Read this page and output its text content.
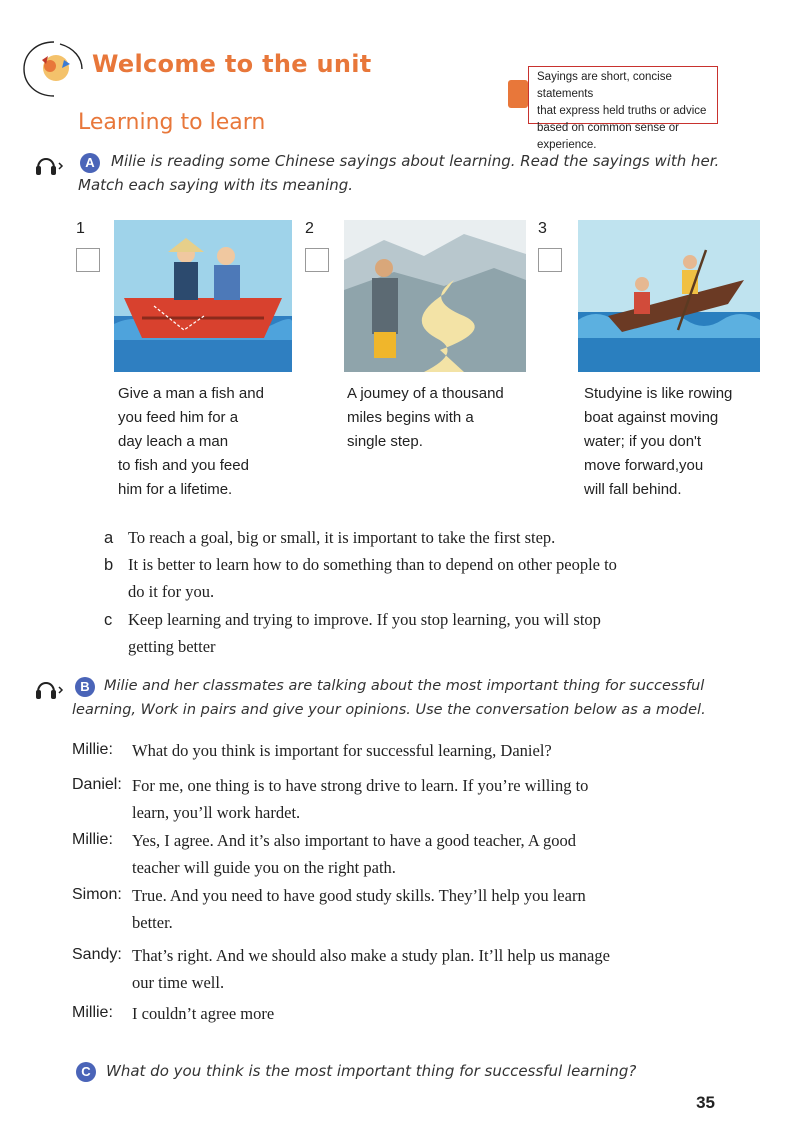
Welcome to the unit
Learning to learn
Sayings are short, concise statements
that express held truths or advice
based on common sense or experience.
A	Milie is reading some Chinese sayings about learning. Read the sayings with her.
Match each saying with its meaning.
1
Give a man a fish and
you feed him for a
day leach a man
to fish and you feed
him for a lifetime.
2
A joumey of a thousand
miles begins with a
single step.
3
Studyine is like rowing
boat against moving
water; if you don't
move forward,you
will fall behind.
a To reach a goal, big or small, it is important to take the first step.
b It is better to learn how to do something than to depend on other people to
do it for you.
c Keep learning and trying to improve. If you stop learning, you will stop
getting better
B Milie and her classmates are talking about the most important thing for successful
learning, Work in pairs and give your opinions. Use the conversation below as a model.
Millie: What do you think is important for successful learning, Daniel?
Daniel: For me, one thing is to have strong drive to learn. If you’re willing to
learn, you’ll work hardet.
Millie: Yes, I agree. And it’s also important to have a good teacher, A good
teacher will guide you on the right path.
Simon: True. And you need to have good study skills. They’ll help you learn
better.
Sandy: That’s right. And we should also make a study plan. It’ll help us manage
our time well.
Millie: I couldn’t agree more
C	What do you think is the most important thing for successful learning?
35
